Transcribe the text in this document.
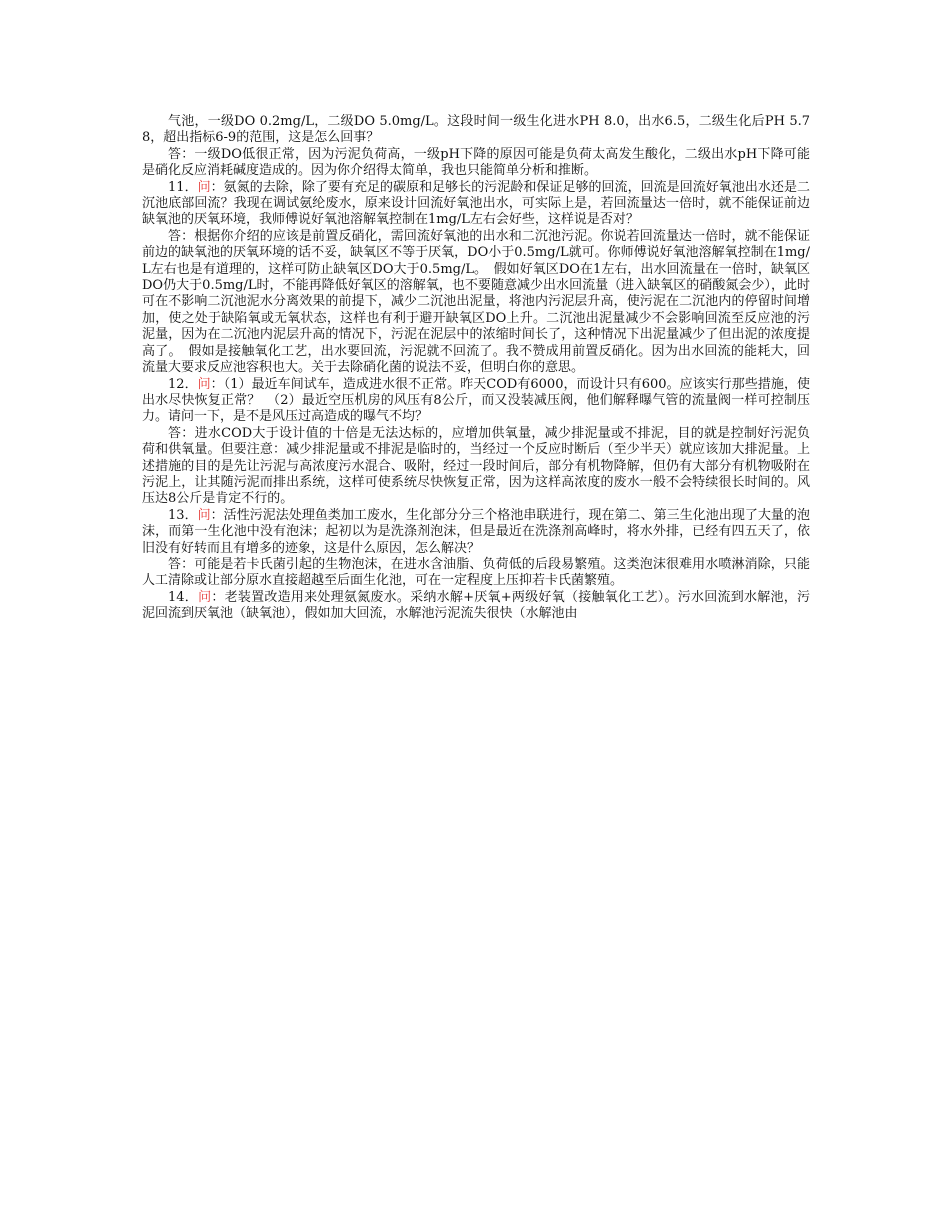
气池，一级DO 0.2mg/L，二级DO 5.0mg/L。这段时间一级生化进水PH 8.0，出水6.5，二级生化后PH 5.78，超出指标6-9的范围，这是怎么回事？

答：一级DO低很正常，因为污泥负荷高，一级pH下降的原因可能是负荷太高发生酸化，二级出水pH下降可能是硝化反应消耗碱度造成的。因为你介绍得太简单，我也只能简单分析和推断。

11．问：氨氮的去除，除了要有充足的碳原和足够长的污泥龄和保证足够的回流，回流是回流好氧池出水还是二沉池底部回流？我现在调试氨纶废水，原来设计回流好氧池出水，可实际上是，若回流量达一倍时，就不能保证前边缺氧池的厌氧环境，我师傅说好氧池溶解氧控制在1mg/L左右会好些，这样说是否对？

答：根据你介绍的应该是前置反硝化，需回流好氧池的出水和二沉池污泥。你说若回流量达一倍时，就不能保证前边的缺氧池的厌氧环境的话不妥，缺氧区不等于厌氧，DO小于0.5mg/L就可。你师傅说好氧池溶解氧控制在1mg/L左右也是有道理的，这样可防止缺氧区DO大于0.5mg/L。　假如好氧区DO在1左右，出水回流量在一倍时，缺氧区DO仍大于0.5mg/L时，不能再降低好氧区的溶解氧，也不要随意减少出水回流量（进入缺氧区的硝酸氮会少），此时可在不影响二沉池泥水分离效果的前提下，减少二沉池出泥量，将池内污泥层升高，使污泥在二沉池内的停留时间增加，使之处于缺陷氧或无氧状态，这样也有利于避开缺氧区DO上升。二沉池出泥量减少不会影响回流至反应池的污泥量，因为在二沉池内泥层升高的情况下，污泥在泥层中的浓缩时间长了，这种情况下出泥量减少了但出泥的浓度提高了。　假如是接触氧化工艺，出水要回流，污泥就不回流了。我不赞成用前置反硝化。因为出水回流的能耗大，回流量大要求反应池容积也大。关于去除硝化菌的说法不妥，但明白你的意思。

12．问：（1）最近车间试车，造成进水很不正常。昨天COD有6000，而设计只有600。应该实行那些措施，使出水尽快恢复正常？　（2）最近空压机房的风压有8公斤，而又没装减压阀，他们解释曝气管的流量阀一样可控制压力。请问一下，是不是风压过高造成的曝气不均？

答：进水COD大于设计值的十倍是无法达标的，应增加供氧量，减少排泥量或不排泥，目的就是控制好污泥负荷和供氧量。但要注意：减少排泥量或不排泥是临时的，当经过一个反应时断后（至少半天）就应该加大排泥量。上述措施的目的是先让污泥与高浓度污水混合、吸附，经过一段时间后，部分有机物降解，但仍有大部分有机物吸附在污泥上，让其随污泥而排出系统，这样可使系统尽快恢复正常，因为这样高浓度的废水一般不会特续很长时间的。风压达8公斤是肯定不行的。

13．问：活性污泥法处理鱼类加工废水，生化部分分三个格池串联进行，现在第二、第三生化池出现了大量的泡沫，而第一生化池中没有泡沫；起初以为是洗涤剂泡沫，但是最近在洗涤剂高峰时，将水外排，已经有四五天了，依旧没有好转而且有增多的迹象，这是什么原因，怎么解决？

答：可能是若卡氏菌引起的生物泡沫，在进水含油脂、负荷低的后段易繁殖。这类泡沫很难用水喷淋消除，只能人工清除或让部分原水直接超越至后面生化池，可在一定程度上压抑若卡氏菌繁殖。

14．问：老装置改造用来处理氨氮废水。采纳水解+厌氧+两级好氧（接触氧化工艺）。污水回流到水解池，污泥回流到厌氧池（缺氧池），假如加大回流，水解池污泥流失很快（水解池由
